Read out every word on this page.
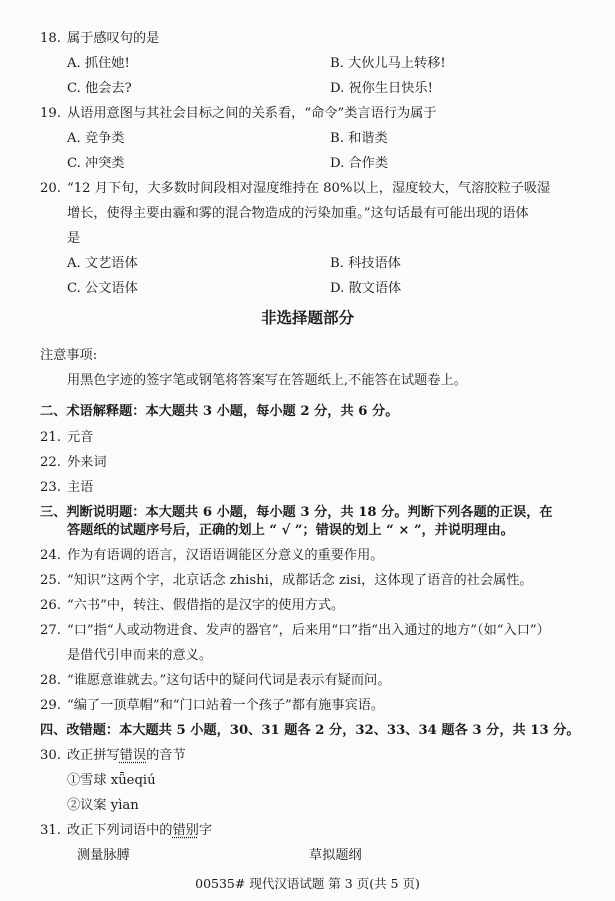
18. 属于感叹句的是
A. 抓住她!	B. 大伙儿马上转移!
C. 他会去?	D. 祝你生日快乐!
19. 从语用意图与其社会目标之间的关系看，“命令”类言语行为属于
A. 竞争类	B. 和谐类
C. 冲突类	D. 合作类
20. “12 月下旬，大多数时间段相对湿度维持在 80%以上，湿度较大，气溶胶粒子吸湿
增长，使得主要由霾和雾的混合物造成的污染加重。”这句话最有可能出现的语体
是
A. 文艺语体	B. 科技语体
C. 公文语体	D. 散文语体
非选择题部分
注意事项:
用黑色字迹的签字笔或钢笔将答案写在答题纸上,不能答在试题卷上。
二、术语解释题：本大题共 3 小题，每小题 2 分，共 6 分。
21. 元音
22. 外来词
23. 主语
三、判断说明题：本大题共 6 小题，每小题 3 分，共 18 分。判断下列各题的正误，在
答题纸的试题序号后，正确的划上 “ √ ”；错误的划上 “ × ”，并说明理由。
24. 作为有语调的语言，汉语语调能区分意义的重要作用。
25. “知识”这两个字，北京话念 zhishi，成都话念 zisi，这体现了语音的社会属性。
26. “六书”中，转注、假借指的是汉字的使用方式。
27. “口”指“人或动物进食、发声的器官”，后来用“口”指“出入通过的地方”（如“入口”）
是借代引申而来的意义。
28. “谁愿意谁就去。”这句话中的疑问代词是表示有疑而问。
29. “编了一顶草帽”和“门口站着一个孩子”都有施事宾语。
四、改错题：本大题共 5 小题，30、31 题各 2 分，32、33、34 题各 3 分，共 13 分。
30. 改正拼写错误的音节
①雪球 xǖeqiú
②议案 yìan
31. 改正下列词语中的错别字
测量脉膊	草拟题纲
00535# 现代汉语试题 第 3 页(共 5 页)
